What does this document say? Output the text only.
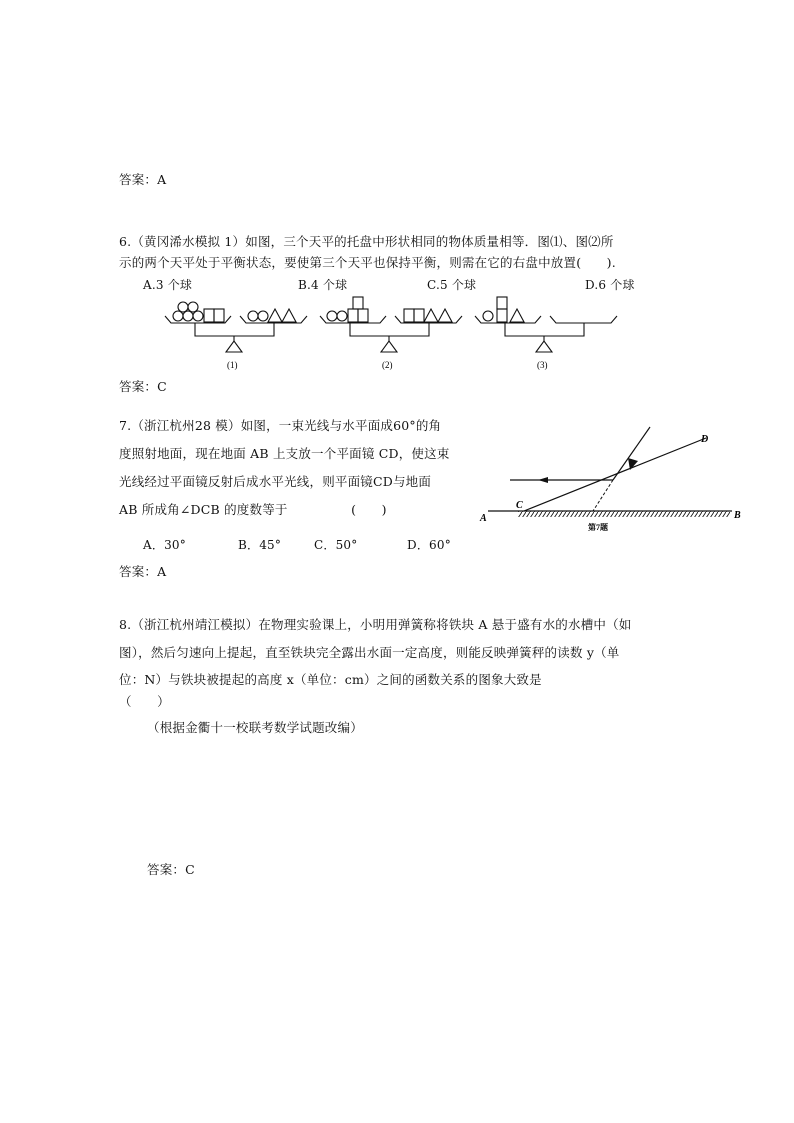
答案：A
6.（黄冈浠水模拟 1）如图，三个天平的托盘中形状相同的物体质量相等．图⑴、图⑵所
示的两个天平处于平衡状态，要使第三个天平也保持平衡，则需在它的右盘中放置(　　).
A.3 个球	B.4 个球	C.5 个球	D.6 个球
(1)	(2)	(3)
答案：C
7.（浙江杭州28 模）如图，一束光线与水平面成60°的角
度照射地面，现在地面 AB 上支放一个平面镜 CD，使这束
光线经过平面镜反射后成水平光线，则平面镜CD与地面
AB 所成角∠DCB 的度数等于　　　　　(　　)
A．30°	B．45°	C．50°	D．60°
A	B
C
D
第7题
答案：A
8.（浙江杭州靖江模拟）在物理实验课上，小明用弹簧称将铁块 A 悬于盛有水的水槽中（如
图），然后匀速向上提起，直至铁块完全露出水面一定高度，则能反映弹簧秤的读数 y（单
位：N）与铁块被提起的高度 x（单位：cm）之间的函数关系的图象大致是
（　　）
（根据金衢十一校联考数学试题改编）
答案：C
